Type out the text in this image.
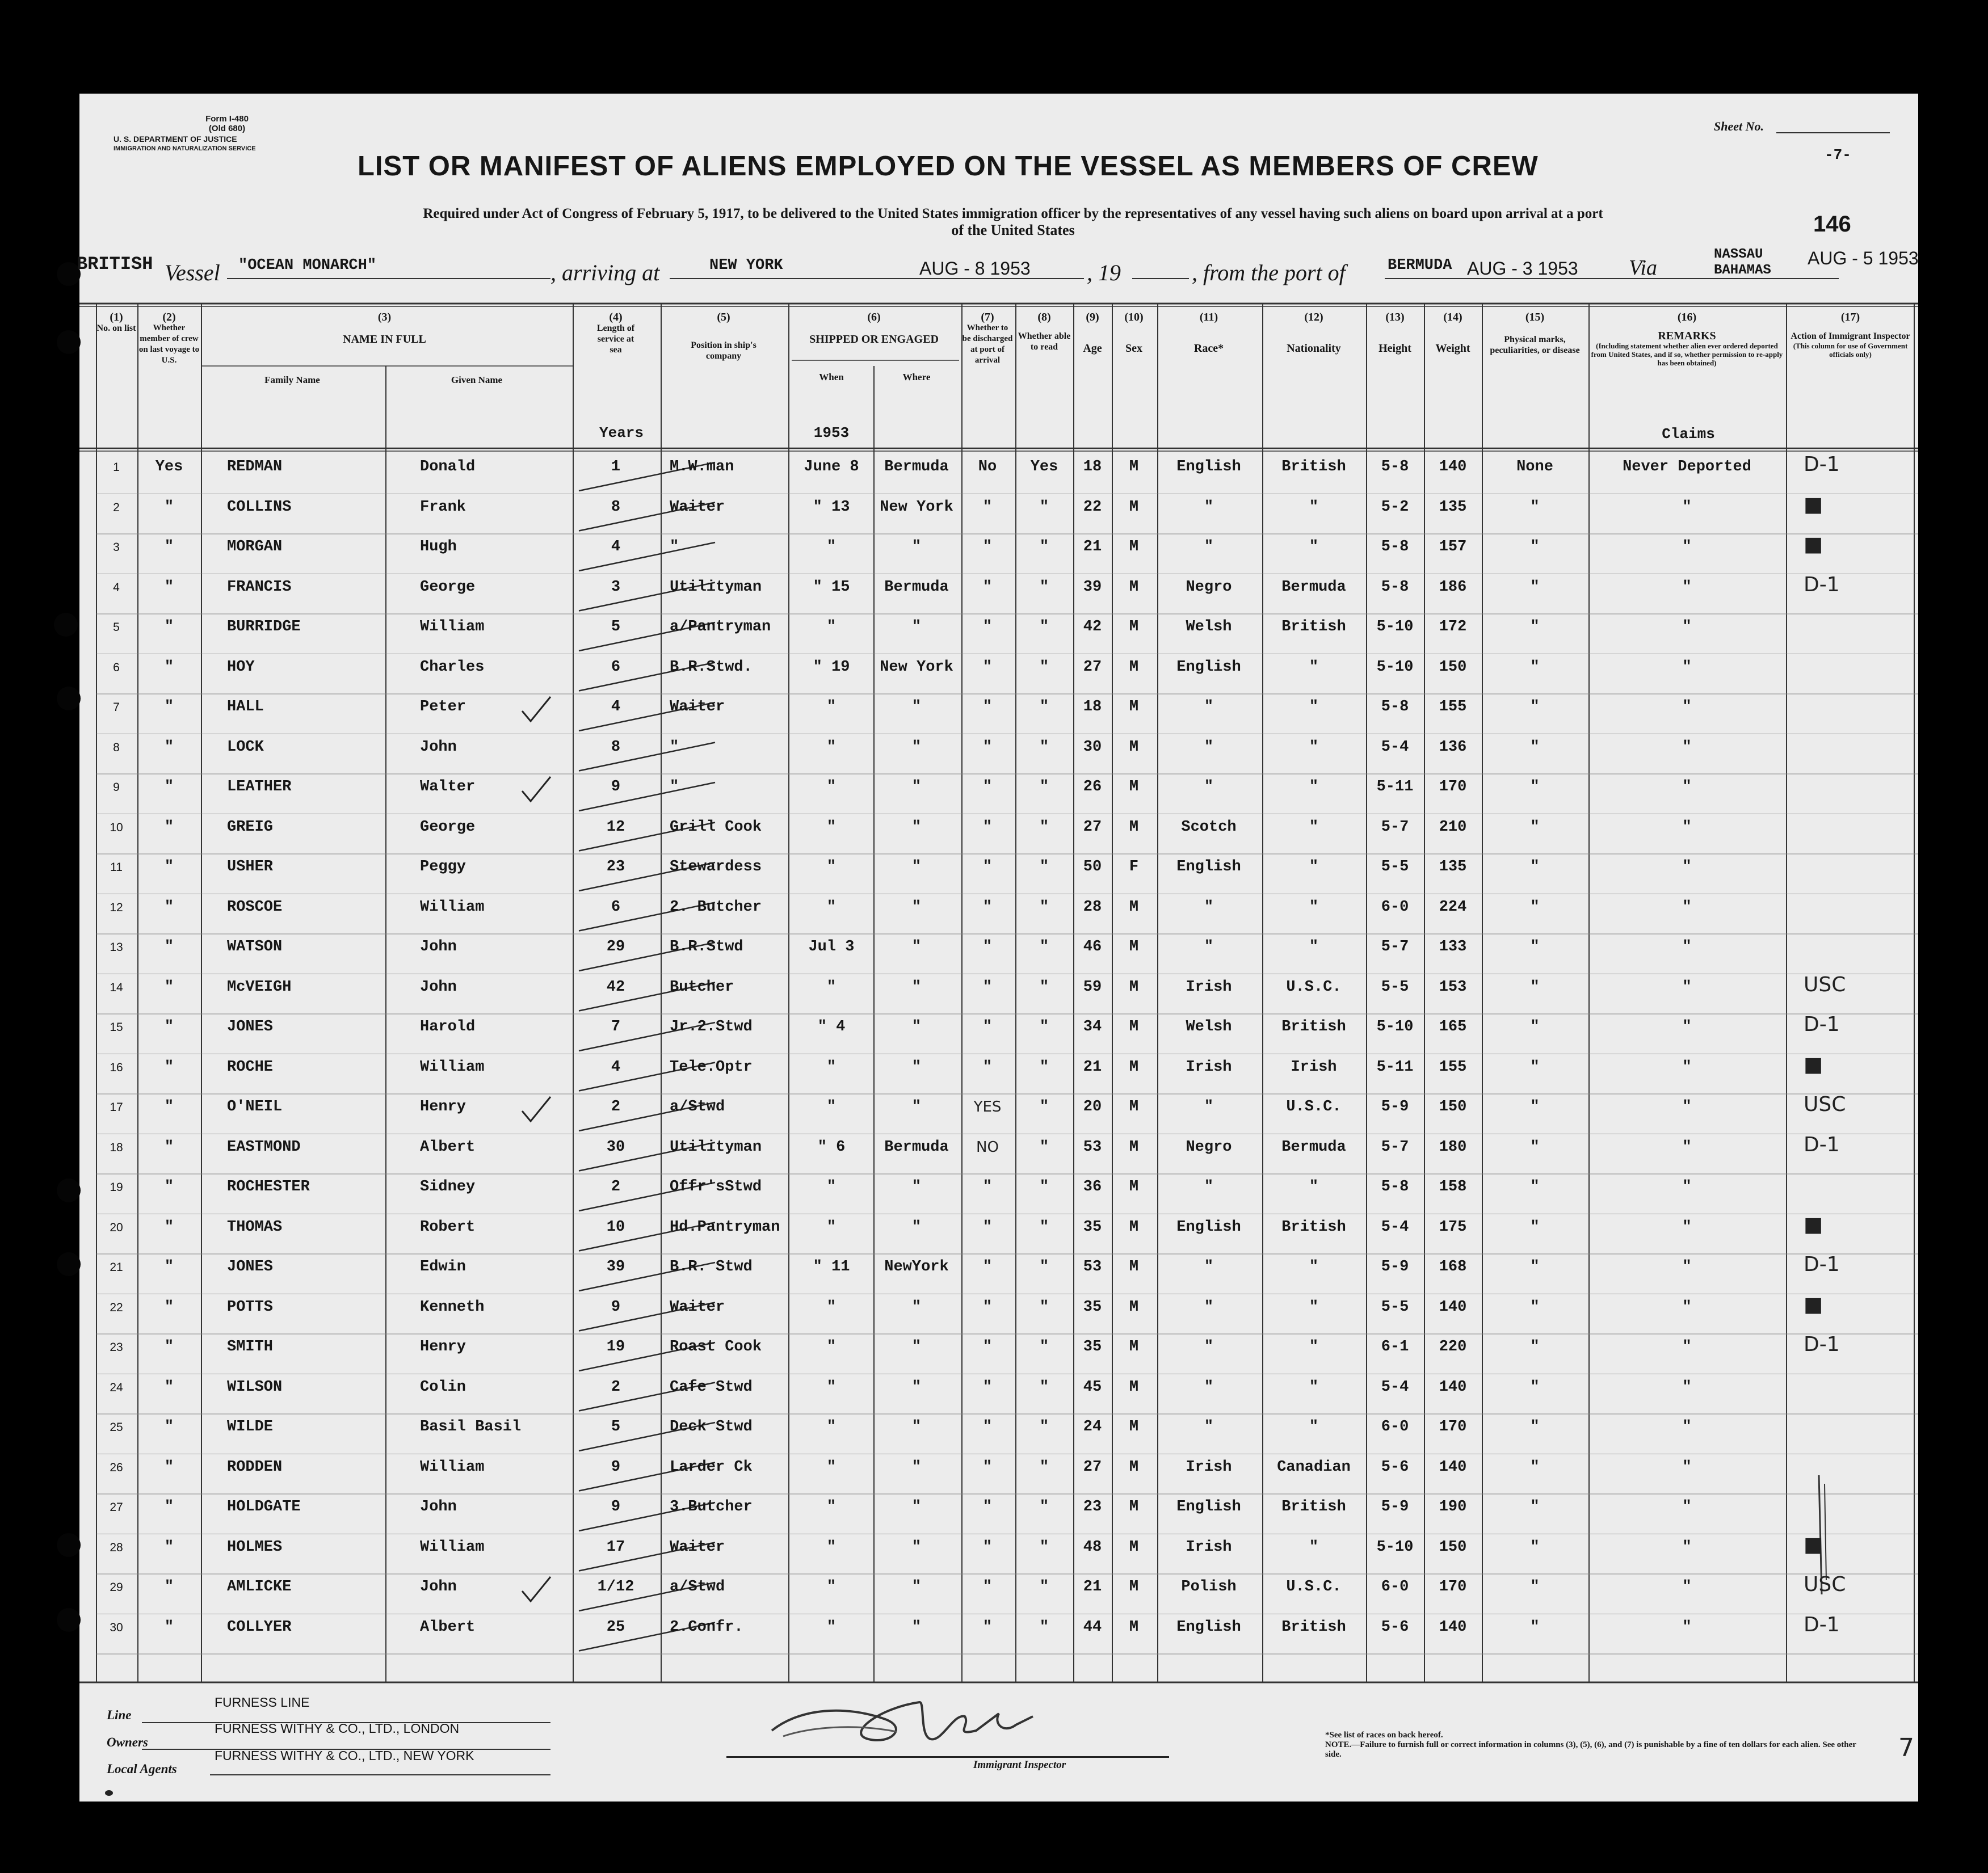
Form I-480
(Old 680)
U. S. DEPARTMENT OF JUSTICE
IMMIGRATION AND NATURALIZATION SERVICE
Sheet No.
-7-
LIST OR MANIFEST OF ALIENS EMPLOYED ON THE VESSEL AS MEMBERS OF CREW
Required under Act of Congress of February 5, 1917, to be delivered to the United States immigration officer by the representatives of any vessel having such aliens on board upon arrival at a port
of the United States	146
BRITISH Vessel "OCEAN MONARCH"	, arriving at	NEW YORK	AUG - 8 1953 , 19	, from the port of	BERMUDA AUG - 3 1953 Via
NASSAU
BAHAMAS
AUG - 5 1953
(1)
No. on list
(2)
Whether member of crew on last voyage to U.S.
(3)
NAME IN FULL
Family Name	Given Name
(4)
Length of service at sea
(5)
Position in ship's company
(6)
SHIPPED OR ENGAGED
When	Where
(7)
Whether to be discharged at port of arrival
(8)
Whether able to read
(9)
Age
(10)
Sex
(11)
Race*
(12)
Nationality
(13)
Height
(14)
Weight
(15)
Physical marks, peculiarities, or disease
(16)
REMARKS
(Including statement whether alien ever ordered deported from United States, and if so, whether permission to re-apply has been obtained)
(17)
Action of Immigrant Inspector
(This column for use of Government officials only)
Years	1953	Claims
1	Yes	REDMAN	Donald	1	M.W.man	June 8	Bermuda	No	Yes	18	M	English	British	5-8	140	None	Never Deported	D-1
2	"	COLLINS	Frank	8	Waiter	" 13	New York	"	"	22	M	"	"	5-2	135	"	"	■
3	"	MORGAN	Hugh	4	"	"	"	"	"	21	M	"	"	5-8	157	"	"	■
4	"	FRANCIS	George	3	Utilityman	" 15	Bermuda	"	"	39	M	Negro	Bermuda	5-8	186	"	"	D-1
5	"	BURRIDGE	William	5	a/Pantryman	"	"	"	"	42	M	Welsh	British	5-10	172	"	"
6	"	HOY	Charles	6	B.R.Stwd.	" 19	New York	"	"	27	M	English	"	5-10	150	"	"
7	"	HALL	Peter	4	Waiter	"	"	"	"	18	M	"	"	5-8	155	"	"
8	"	LOCK	John	8	"	"	"	"	"	30	M	"	"	5-4	136	"	"
9	"	LEATHER	Walter	9	"	"	"	"	"	26	M	"	"	5-11	170	"	"
10	"	GREIG	George	12	Grill Cook	"	"	"	"	27	M	Scotch	"	5-7	210	"	"
11	"	USHER	Peggy	23	Stewardess	"	"	"	"	50	F	English	"	5-5	135	"	"
12	"	ROSCOE	William	6	2. Butcher	"	"	"	"	28	M	"	"	6-0	224	"	"
13	"	WATSON	John	29	B.R.Stwd	Jul 3	"	"	"	46	M	"	"	5-7	133	"	"
14	"	McVEIGH	John	42	Butcher	"	"	"	"	59	M	Irish	U.S.C.	5-5	153	"	"	USC
15	"	JONES	Harold	7	Jr.2.Stwd	" 4	"	"	"	34	M	Welsh	British	5-10	165	"	"	D-1
16	"	ROCHE	William	4	Tele.Optr	"	"	"	"	21	M	Irish	Irish	5-11	155	"	"	■
17	"	O'NEIL	Henry	2	a/Stwd	"	"	YES	"	20	M	"	U.S.C.	5-9	150	"	"	USC
18	"	EASTMOND	Albert	30	Utilityman	" 6	Bermuda	NO	"	53	M	Negro	Bermuda	5-7	180	"	"	D-1
19	"	ROCHESTER	Sidney	2	Offr'sStwd	"	"	"	"	36	M	"	"	5-8	158	"	"
20	"	THOMAS	Robert	10	Hd.Pantryman	"	"	"	"	35	M	English	British	5-4	175	"	"	■
21	"	JONES	Edwin	39	B.R. Stwd	" 11	NewYork	"	"	53	M	"	"	5-9	168	"	"	D-1
22	"	POTTS	Kenneth	9	Waiter	"	"	"	"	35	M	"	"	5-5	140	"	"	■
23	"	SMITH	Henry	19	Roast Cook	"	"	"	"	35	M	"	"	6-1	220	"	"	D-1
24	"	WILSON	Colin	2	Cafe Stwd	"	"	"	"	45	M	"	"	5-4	140	"	"
25	"	WILDE	Basil Basil	5	Deck Stwd	"	"	"	"	24	M	"	"	6-0	170	"	"
26	"	RODDEN	William	9	Larder Ck	"	"	"	"	27	M	Irish	Canadian	5-6	140	"	"
27	"	HOLDGATE	John	9	3.Butcher	"	"	"	"	23	M	English	British	5-9	190	"	"
28	"	HOLMES	William	17	Waiter	"	"	"	"	48	M	Irish	"	5-10	150	"	"	■
29	"	AMLICKE	John	1/12	a/Stwd	"	"	"	"	21	M	Polish	U.S.C.	6-0	170	"	"	USC
30	"	COLLYER	Albert	25	2.Confr.	"	"	"	"	44	M	English	British	5-6	140	"	"	D-1
Line
FURNESS LINE
Owners
FURNESS WITHY & CO., LTD., LONDON
Local Agents
FURNESS WITHY & CO., LTD., NEW YORK
Immigrant Inspector
*See list of races on back hereof.
NOTE.—Failure to furnish full or correct information in columns (3), (5), (6), and (7) is punishable by a fine of ten dollars for each alien. See other side.	7
